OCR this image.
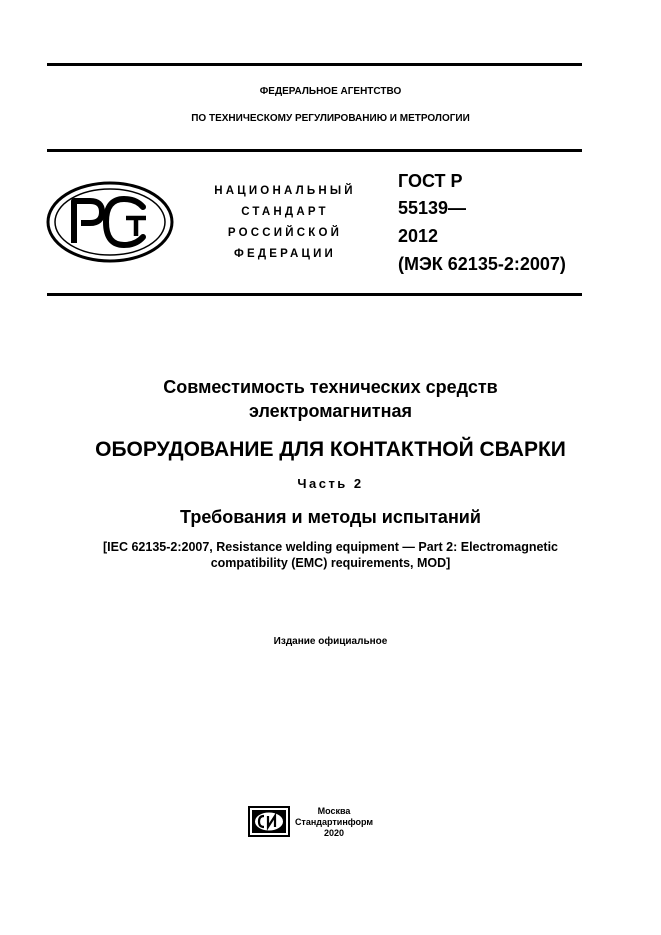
ФЕДЕРАЛЬНОЕ АГЕНТСТВО
ПО ТЕХНИЧЕСКОМУ РЕГУЛИРОВАНИЮ И МЕТРОЛОГИИ
НАЦИОНАЛЬНЫЙ
СТАНДАРТ
РОССИЙСКОЙ
ФЕДЕРАЦИИ
ГОСТ Р
55139—
2012
(МЭК 62135-2:2007)
Совместимость технических средств
электромагнитная
ОБОРУДОВАНИЕ ДЛЯ КОНТАКТНОЙ СВАРКИ
Часть 2
Требования и методы испытаний
[IEC 62135-2:2007, Resistance welding equipment — Part 2: Electromagnetic
compatibility (EMC) requirements, MOD]
Издание официальное
Москва
Стандартинформ
2020
